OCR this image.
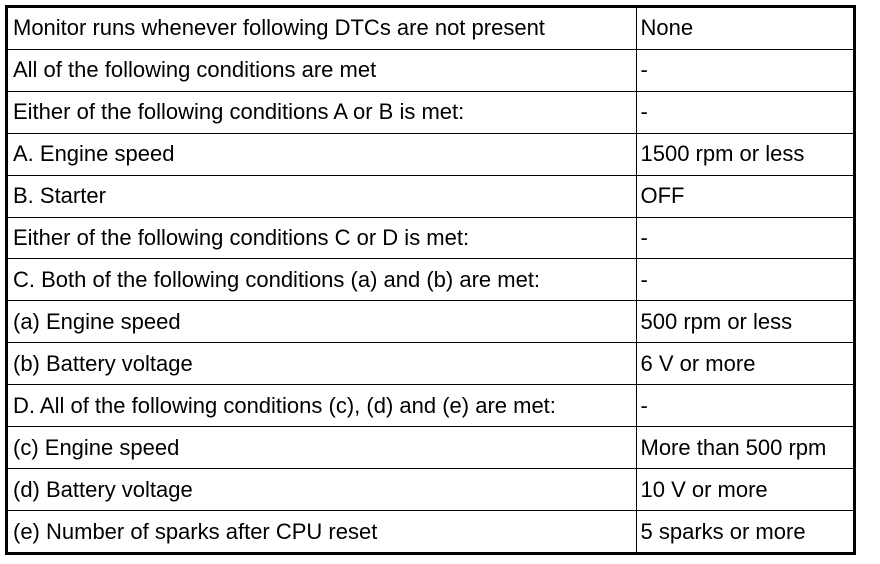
Monitor runs whenever following DTCs are not present	None
All of the following conditions are met	-
Either of the following conditions A or B is met:	-
A. Engine speed	1500 rpm or less
B. Starter	OFF
Either of the following conditions C or D is met:	-
C. Both of the following conditions (a) and (b) are met:	-
(a) Engine speed	500 rpm or less
(b) Battery voltage	6 V or more
D. All of the following conditions (c), (d) and (e) are met:	-
(c) Engine speed	More than 500 rpm
(d) Battery voltage	10 V or more
(e) Number of sparks after CPU reset	5 sparks or more
